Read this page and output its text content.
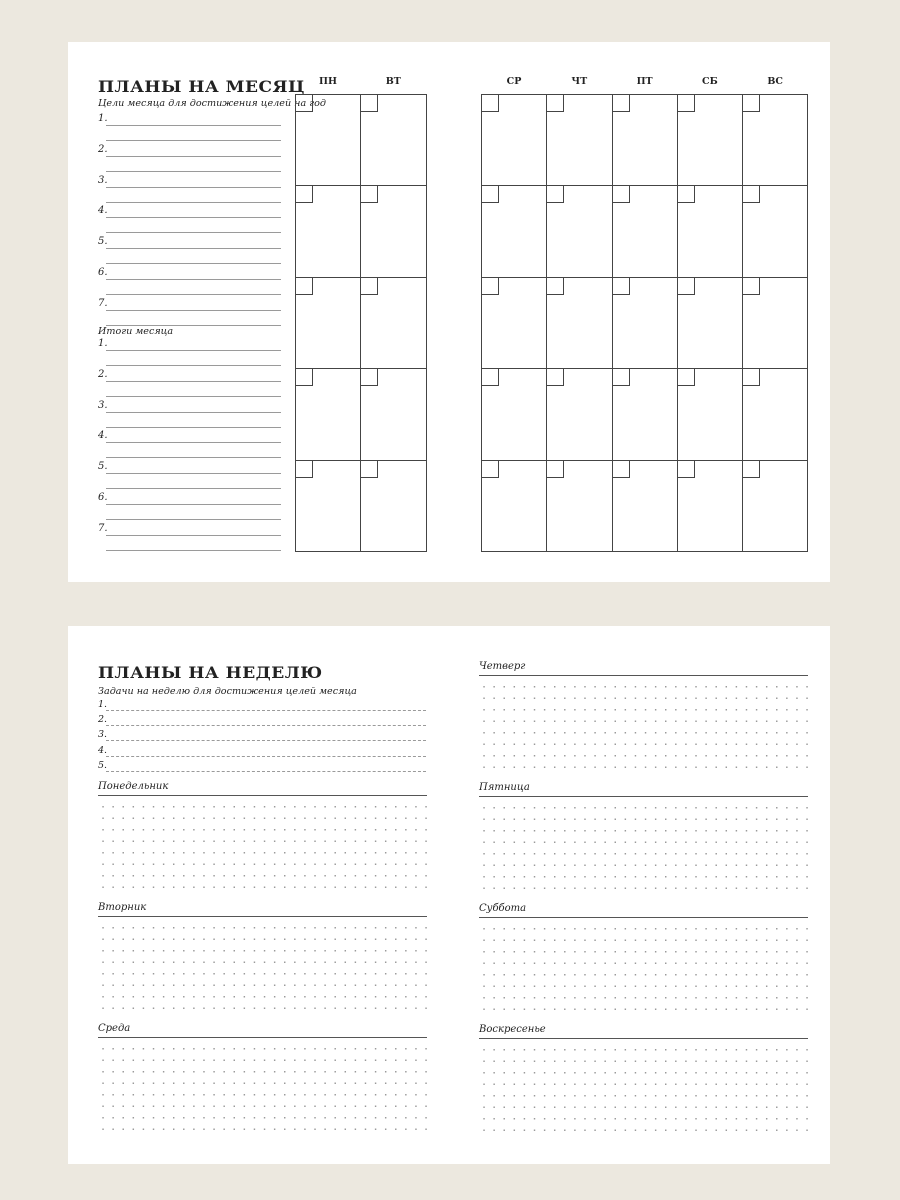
ПЛАНЫ НА МЕСЯЦ
Цели месяца для достижения целей на год
1.
2.
3.
4.
5.
6.
7.
Итоги месяца
1.
2.
3.
4.
5.
6.
7.
ПН	ВТ	СР	ЧТ	ПТ	СБ	ВС
ПЛАНЫ НА НЕДЕЛЮ
Задачи на неделю для достижения целей месяца
1.
2.
3.
4.
5.
Понедельник
Вторник
Среда
Четверг
Пятница
Суббота
Воскресенье
